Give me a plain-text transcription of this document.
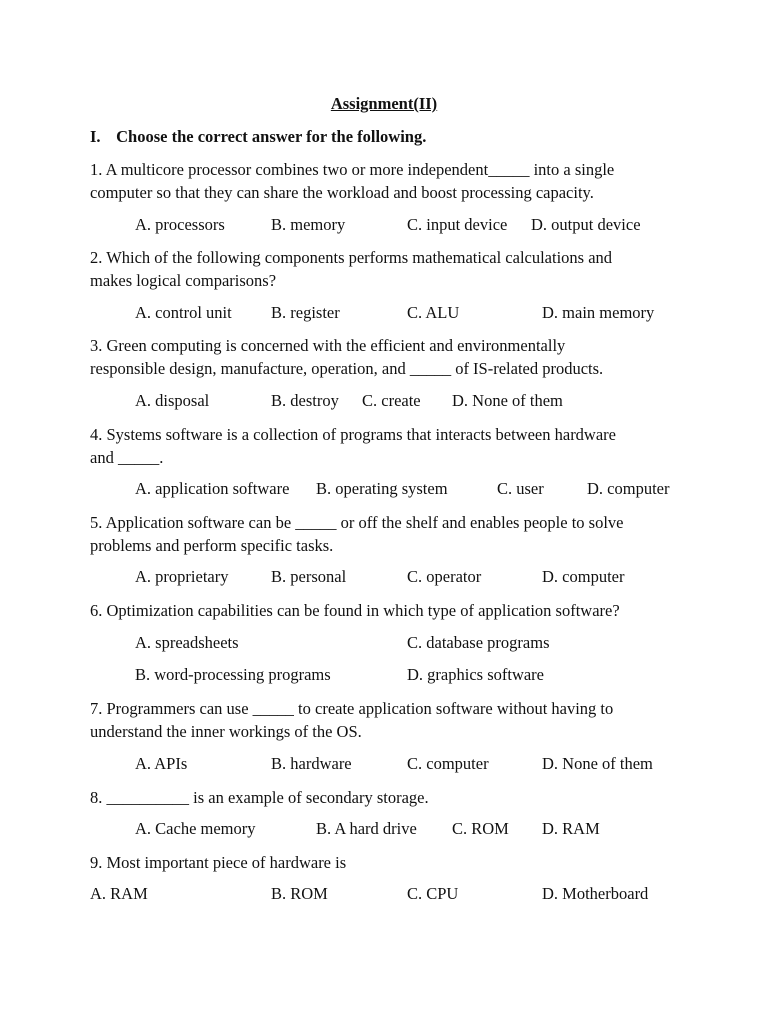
Assignment(II)
I. Choose the correct answer for the following.
1. A multicore processor combines two or more independent_____ into a single
computer so that they can share the workload and boost processing capacity.
A. processors	B. memory	C. input device D. output device
2. Which of the following components performs mathematical calculations and
makes logical comparisons?
A. control unit B. register	C. ALU	D. main memory
3. Green computing is concerned with the efficient and environmentally
responsible design, manufacture, operation, and _____ of IS-related products.
A. disposal	B. destroy C. create D. None of them
4. Systems software is a collection of programs that interacts between hardware
and _____.
A. application software B. operating system	C. user	D. computer
5. Application software can be _____ or off the shelf and enables people to solve
problems and perform specific tasks.
A. proprietary	B. personal	C. operator	D. computer
6. Optimization capabilities can be found in which type of application software?
A. spreadsheets	C. database programs
B. word-processing programs	D. graphics software
7. Programmers can use _____ to create application software without having to
understand the inner workings of the OS.
A. APIs	B. hardware	C. computer	D. None of them
8. __________ is an example of secondary storage.
A. Cache memory	B. A hard drive C. ROM D. RAM
9. Most important piece of hardware is
A. RAM	B. ROM	C. CPU	D. Motherboard
